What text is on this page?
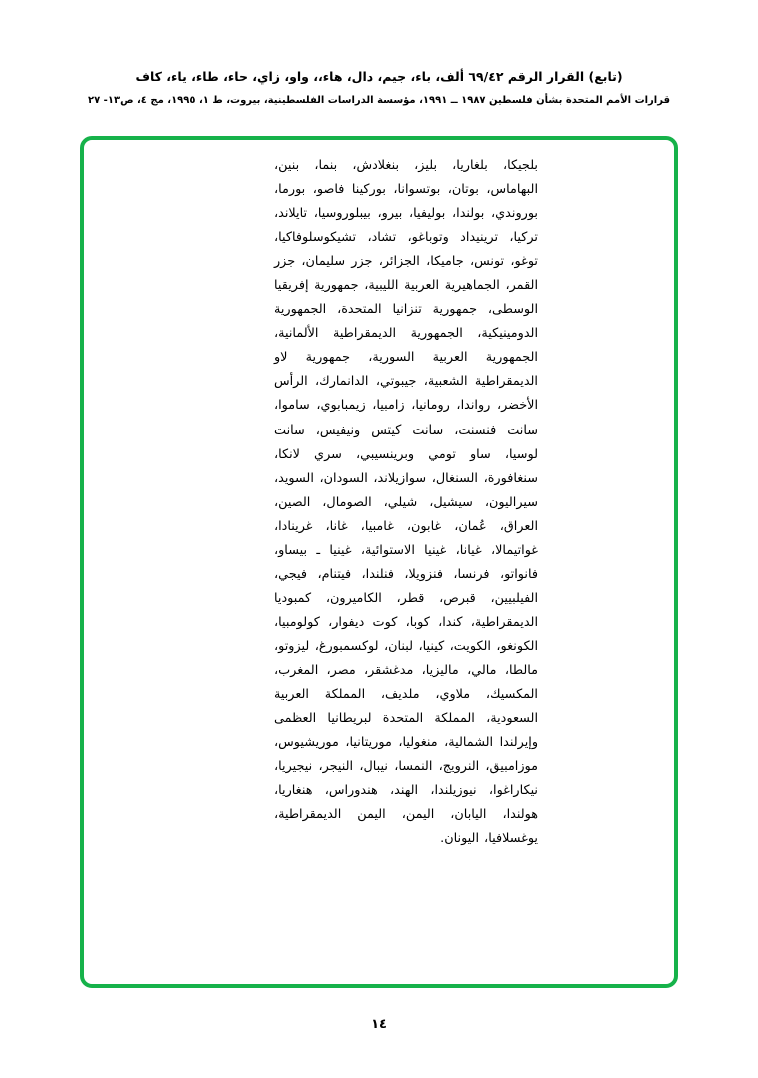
(تابع) القرار الرقم ٦٩/٤٢ ألف، باء، جيم، دال، هاء،، واو، زاي، حاء، طاء، ياء، كاف
قرارات الأمم المتحدة بشأن فلسطين ١٩٨٧ ــ ١٩٩١، مؤسسة الدراسات الفلسطينية، بيروت، ط ١، ١٩٩٥، مج ٤، ص١٣- ٢٧
بلجيكا، بلغاريا، بليز، بنغلادش، بنما، بنين، البهاماس، بوتان، بوتسوانا، بوركينا فاصو، بورما، بوروندي، بولندا، بوليفيا، بيرو، بيبلوروسيا، تايلاند، تركيا، ترينيداد وتوباغو، تشاد، تشيكوسلوفاكيا، توغو، تونس، جاميكا، الجزائر، جزر سليمان، جزر القمر، الجماهيرية العربية الليبية، جمهورية إفريقيا الوسطى، جمهورية تنزانيا المتحدة، الجمهورية الدومينيكية، الجمهورية الديمقراطية الألمانية، الجمهورية العربية السورية، جمهورية لاو الديمقراطية الشعبية، جيبوتي، الدانمارك، الرأس الأخضر، رواندا، رومانيا، زامبيا، زيمبابوي، ساموا، سانت فنسنت، سانت كيتس ونيفيس، سانت لوسيا، ساو تومي وبرينسيبي، سري لانكا، سنغافورة، السنغال، سوازيلاند، السودان، السويد، سيراليون، سيشيل، شيلي، الصومال، الصين، العراق، عُمان، غابون، غامبيا، غانا، غرينادا، غواتيمالا، غيانا، غينيا الاستوائية، غينيا ـ بيساو، فانواتو، فرنسا، فنزويلا، فنلندا، فيتنام، فيجي، الفيلبيين، قبرص، قطر، الكاميرون، كمبوديا الديمقراطية، كندا، كوبا، كوت ديفوار، كولومبيا، الكونغو، الكويت، كينيا، لبنان، لوكسمبورغ، ليزوتو، مالطا، مالي، ماليزيا، مدغشقر، مصر، المغرب، المكسيك، ملاوي، ملديف، المملكة العربية السعودية، المملكة المتحدة لبريطانيا العظمى وإيرلندا الشمالية، منغوليا، موريتانيا، موريشيوس، موزامبيق، النرويج، النمسا، نيبال، النيجر، نيجيريا، نيكاراغوا، نيوزيلندا، الهند، هندوراس، هنغاريا، هولندا، اليابان، اليمن، اليمن الديمقراطية، يوغسلافيا، اليونان.
١٤
